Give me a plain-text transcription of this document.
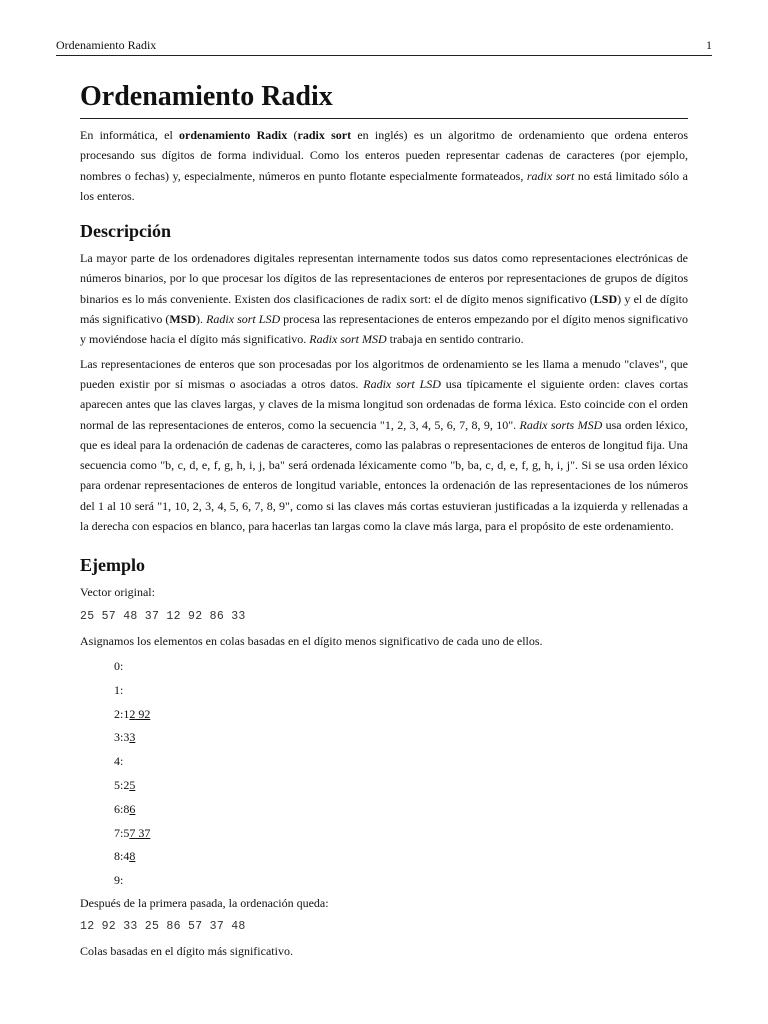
Ordenamiento Radix	1
Ordenamiento Radix

En informática, el ordenamiento Radix (radix sort en inglés) es un algoritmo de ordenamiento que ordena enteros procesando sus dígitos de forma individual. Como los enteros pueden representar cadenas de caracteres (por ejemplo, nombres o fechas) y, especialmente, números en punto flotante especialmente formateados, radix sort no está limitado sólo a los enteros.

Descripción

La mayor parte de los ordenadores digitales representan internamente todos sus datos como representaciones electrónicas de números binarios, por lo que procesar los dígitos de las representaciones de enteros por representaciones de grupos de dígitos binarios es lo más conveniente. Existen dos clasificaciones de radix sort: el de dígito menos significativo (LSD) y el de dígito más significativo (MSD). Radix sort LSD procesa las representaciones de enteros empezando por el dígito menos significativo y moviéndose hacia el dígito más significativo. Radix sort MSD trabaja en sentido contrario.

Las representaciones de enteros que son procesadas por los algoritmos de ordenamiento se les llama a menudo "claves", que pueden existir por sí mismas o asociadas a otros datos. Radix sort LSD usa típicamente el siguiente orden: claves cortas aparecen antes que las claves largas, y claves de la misma longitud son ordenadas de forma léxica. Esto coincide con el orden normal de las representaciones de enteros, como la secuencia "1, 2, 3, 4, 5, 6, 7, 8, 9, 10". Radix sorts MSD usa orden léxico, que es ideal para la ordenación de cadenas de caracteres, como las palabras o representaciones de enteros de longitud fija. Una secuencia como "b, c, d, e, f, g, h, i, j, ba" será ordenada léxicamente como "b, ba, c, d, e, f, g, h, i, j". Si se usa orden léxico para ordenar representaciones de enteros de longitud variable, entonces la ordenación de las representaciones de los números del 1 al 10 será "1, 10, 2, 3, 4, 5, 6, 7, 8, 9", como si las claves más cortas estuvieran justificadas a la izquierda y rellenadas a la derecha con espacios en blanco, para hacerlas tan largas como la clave más larga, para el propósito de este ordenamiento.

Ejemplo

Vector original:

25 57 48 37 12 92 86 33

Asignamos los elementos en colas basadas en el dígito menos significativo de cada uno de ellos.

0:
1:
2:12 92
3:33
4:
5:25
6:86
7:57 37
8:48
9:

Después de la primera pasada, la ordenación queda:

12 92 33 25 86 57 37 48

Colas basadas en el dígito más significativo.
